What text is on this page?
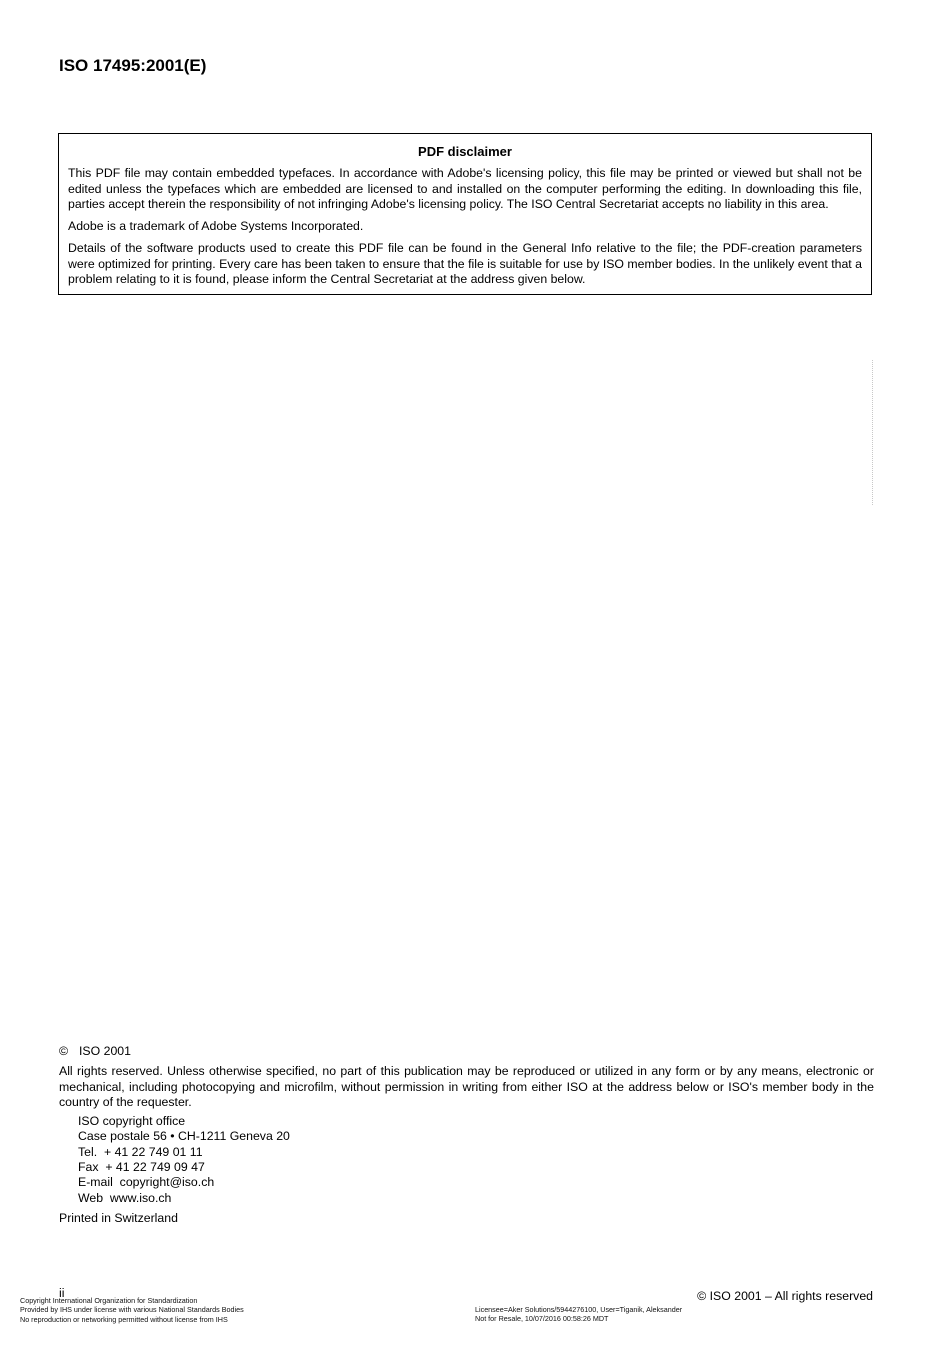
ISO 17495:2001(E)
PDF disclaimer

This PDF file may contain embedded typefaces. In accordance with Adobe's licensing policy, this file may be printed or viewed but shall not be edited unless the typefaces which are embedded are licensed to and installed on the computer performing the editing. In downloading this file, parties accept therein the responsibility of not infringing Adobe's licensing policy. The ISO Central Secretariat accepts no liability in this area.

Adobe is a trademark of Adobe Systems Incorporated.

Details of the software products used to create this PDF file can be found in the General Info relative to the file; the PDF-creation parameters were optimized for printing. Every care has been taken to ensure that the file is suitable for use by ISO member bodies. In the unlikely event that a problem relating to it is found, please inform the Central Secretariat at the address given below.

© ISO 2001

All rights reserved. Unless otherwise specified, no part of this publication may be reproduced or utilized in any form or by any means, electronic or mechanical, including photocopying and microfilm, without permission in writing from either ISO at the address below or ISO's member body in the country of the requester.

ISO copyright office
Case postale 56 • CH-1211 Geneva 20
Tel.  + 41 22 749 01 11
Fax  + 41 22 749 09 47
E-mail  copyright@iso.ch
Web  www.iso.ch

Printed in Switzerland

ii	© ISO 2001 – All rights reserved
Copyright International Organization for Standardization
Provided by IHS under license with various National Standards Bodies
No reproduction or networking permitted without license from IHS
Licensee=Aker Solutions/5944276100, User=Tiganik, Aleksander
Not for Resale, 10/07/2016 00:58:26 MDT
